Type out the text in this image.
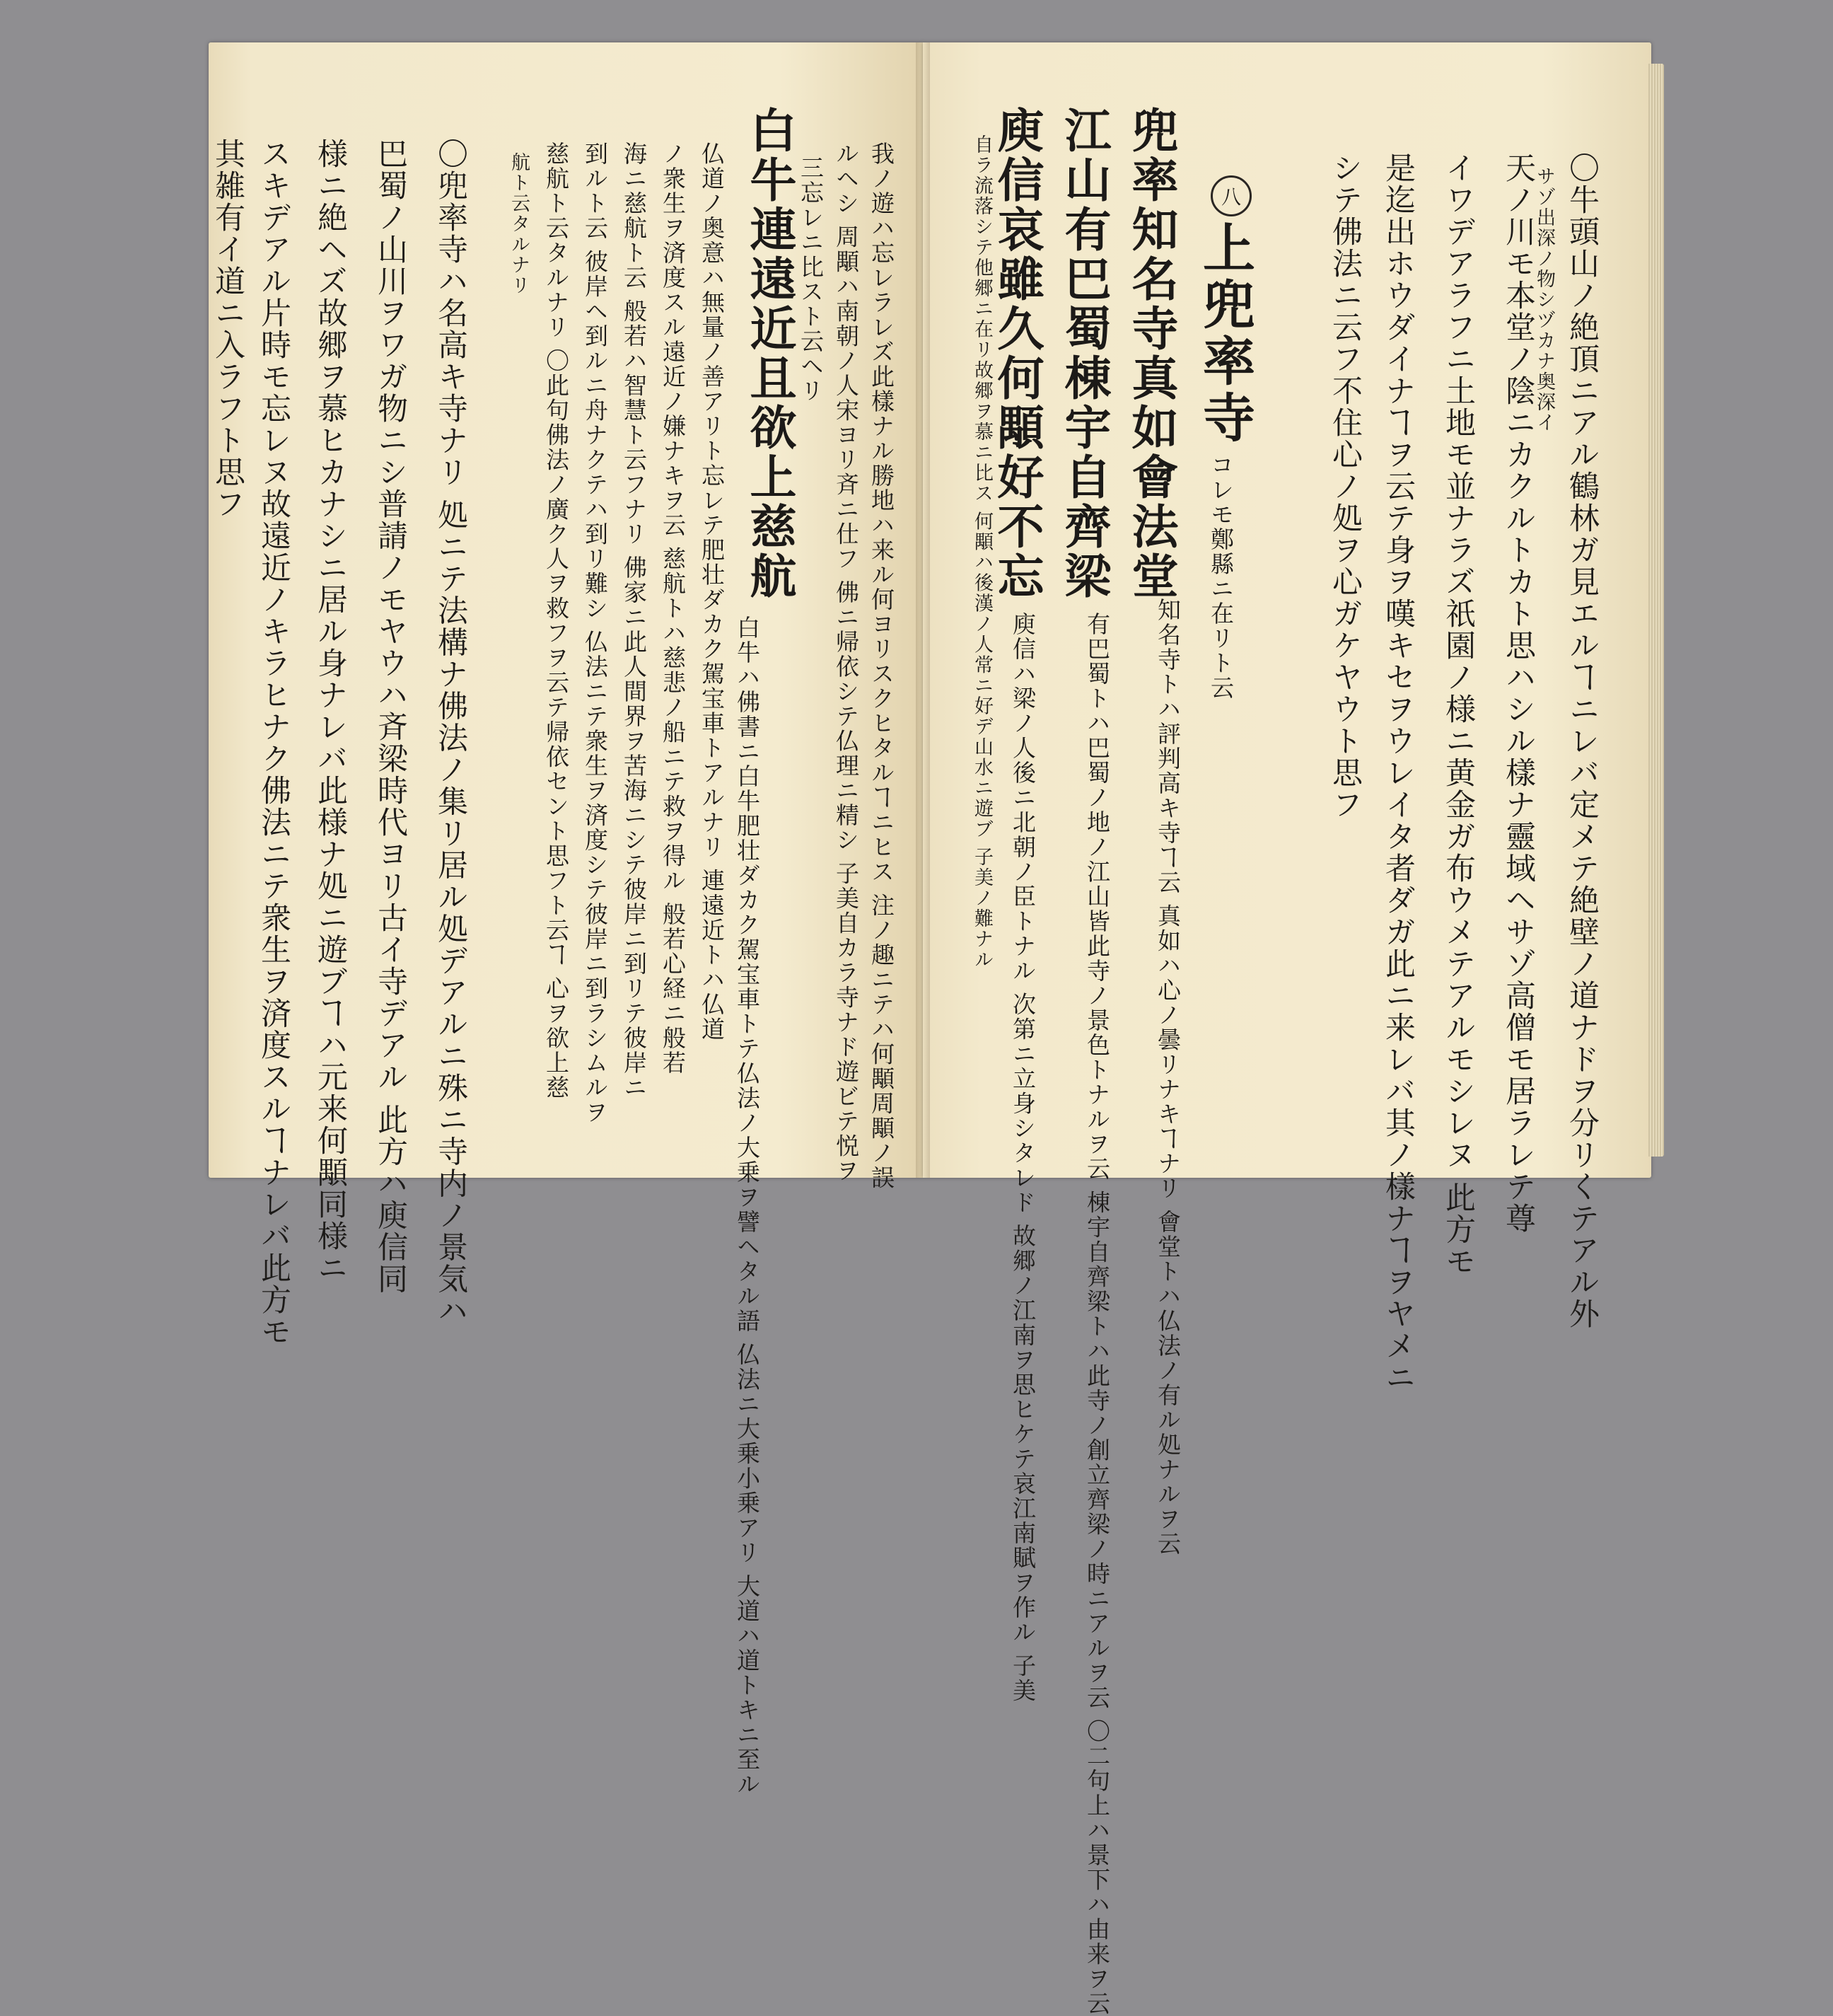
〇牛頭山ノ絶頂ニアル鶴林ガ見エルヿニレバ定メテ絶壁ノ道ナドヲ分リくテアル外
サゾ出深ノ物シヅカナ奥深イ
天ノ川モ本堂ノ陰ニカクルトカト思ハシル樣ナ靈域ヘサゾ高僧モ居ラレテ尊
イワデアラフニ土地モ並ナラズ祇園ノ様ニ黄金ガ布ウメテアルモシレヌ 此方モ
是迄出ホウダイナヿヲ云テ身ヲ嘆キセヲウレイタ者ダガ此ニ来レバ其ノ樣ナヿヲヤメニ
シテ佛法ニ云フ不住心ノ処ヲ心ガケヤウト思フ
八
上兜率寺
コレモ鄭縣ニ在リト云
兜率知名寺真如會法堂
江山有巴蜀棟宇自齊梁
庾信哀雖久何顒好不忘
知名寺トハ評判高キ寺ヿ云 真如ハ心ノ曇リナキヿナリ 會堂トハ仏法ノ有ル処ナルヲ云
有巴蜀トハ巴蜀ノ地ノ江山皆此寺ノ景色トナルヲ云 棟宇自齊梁トハ此寺ノ創立齊梁ノ時ニアルヲ云 〇二句上ハ景下ハ由来ヲ云
庾信ハ梁ノ人後ニ北朝ノ臣トナル 次第ニ立身シタレド 故郷ノ江南ヲ思ヒケテ哀江南賦ヲ作ル 子美
自ラ流落シテ他郷ニ在リ故郷ヲ慕ニ比ス 何顒ハ後漢ノ人常ニ好デ山水ニ遊ブ 子美ノ難ナル
我ノ遊ハ忘レラレズ此樣ナル勝地ハ来ル何ヨリスクヒタルヿニヒス 注ノ趣ニテハ何顒周顒ノ誤
ルヘシ 周顒ハ南朝ノ人宋ヨリ斉ニ仕フ 佛ニ帰依シテ仏理ニ精シ 子美自カラ寺ナド遊ビテ悦ヲ
三忘レニ比スト云ヘリ
白牛連遠近且欲上慈航
白牛ハ佛書ニ白牛肥壮ダカク駕宝車トテ仏法ノ大乗ヲ譬ヘタル語 仏法ニ大乗小乗アリ 大道ハ道トキニ至ル
仏道ノ奥意ハ無量ノ善アリト忘レテ肥壮ダカク駕宝車トアルナリ 連遠近トハ仏道
ノ衆生ヲ済度スル遠近ノ嫌ナキヲ云 慈航トハ慈悲ノ船ニテ救ヲ得ル 般若心経ニ般若
海ニ慈航ト云 般若ハ智慧ト云フナリ 佛家ニ此人間界ヲ苦海ニシテ彼岸ニ到リテ彼岸ニ
到ルト云 彼岸ヘ到ルニ舟ナクテハ到リ難シ 仏法ニテ衆生ヲ済度シテ彼岸ニ到ラシムルヲ
慈航ト云タルナリ 〇此句佛法ノ廣ク人ヲ救フヲ云テ帰依セント思フト云ヿ 心ヲ欲上慈
航ト云タルナリ
〇兜率寺ハ名高キ寺ナリ 処ニテ法構ナ佛法ノ集リ居ル処デアルニ殊ニ寺内ノ景気ハ
巴蜀ノ山川ヲワガ物ニシ普請ノモヤウハ斉梁時代ヨリ古イ寺デアル 此方ハ庾信同
様ニ絶ヘズ故郷ヲ慕ヒカナシニ居ル身ナレバ此様ナ処ニ遊ブヿハ元来何顒同様ニ
スキデアル片時モ忘レヌ故遠近ノキラヒナク佛法ニテ衆生ヲ済度スルヿナレバ此方モ
其雑有イ道ニ入ラフト思フ
